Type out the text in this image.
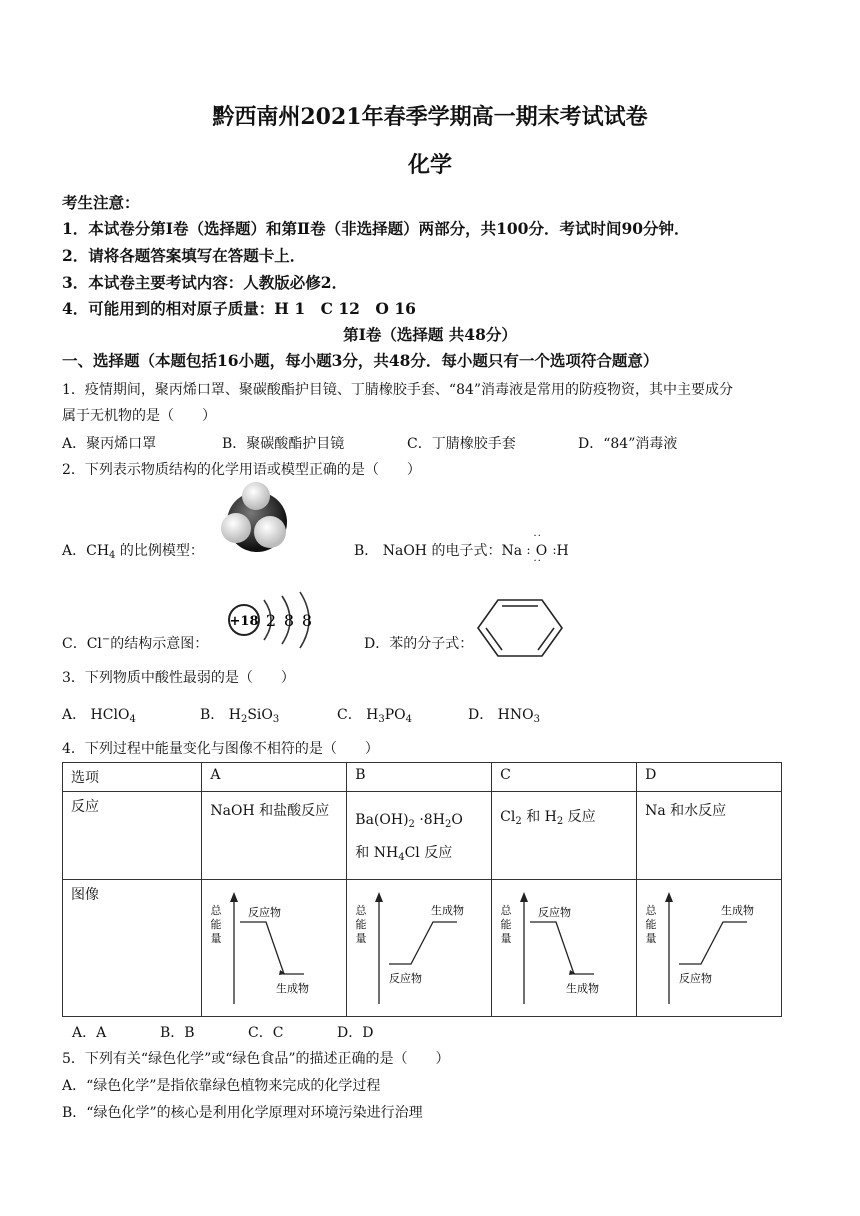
黔西南州2021年春季学期高一期末考试试卷
化学
考生注意：
1．本试卷分第Ⅰ卷（选择题）和第Ⅱ卷（非选择题）两部分，共100分．考试时间90分钟．
2．请将各题答案填写在答题卡上．
3．本试卷主要考试内容：人教版必修2．
4．可能用到的相对原子质量：H 1　C 12　O 16
第Ⅰ卷（选择题 共48分）
一、选择题（本题包括16小题，每小题3分，共48分．每小题只有一个选项符合题意）
1．疫情期间，聚丙烯口罩、聚碳酸酯护目镜、丁腈橡胶手套、“84”消毒液是常用的防疫物资，其中主要成分
属于无机物的是（　　）
A．聚丙烯口罩	B．聚碳酸酯护目镜	C．丁腈橡胶手套	D．“84”消毒液
2．下列表示物质结构的化学用语或模型正确的是（　　）
A．$CH_4$ 的比例模型：	B． NaOH 的电子式：Na
··
: O :
··
H
C．Cl−的结构示意图：
+18 2 8 8
D．苯的分子式：
3．下列物质中酸性最弱的是（　　）
A． HClO$_4$	B． $H_2SiO_3$	C． $H_3PO_4$	D． $HNO_3$
4．下列过程中能量变化与图像不相符的是（　　）
选项	A	B	C	D
反应	NaOH 和盐酸反应	$Ba(OH)_2 \cdot 8H_2O$
和 $NH_4Cl$ 反应	$Cl_2$ 和 $H_2$ 反应	Na 和水反应
图像	总
能
量
反应物
生成物	总
能
量
反应物
生成物	总
能
量
反应物
生成物	总
能
量
反应物
生成物
A．A	B．B	C．C	D．D
5．下列有关“绿色化学”或“绿色食品”的描述正确的是（　　）
A．“绿色化学”是指依靠绿色植物来完成的化学过程
B．“绿色化学”的核心是利用化学原理对环境污染进行治理
